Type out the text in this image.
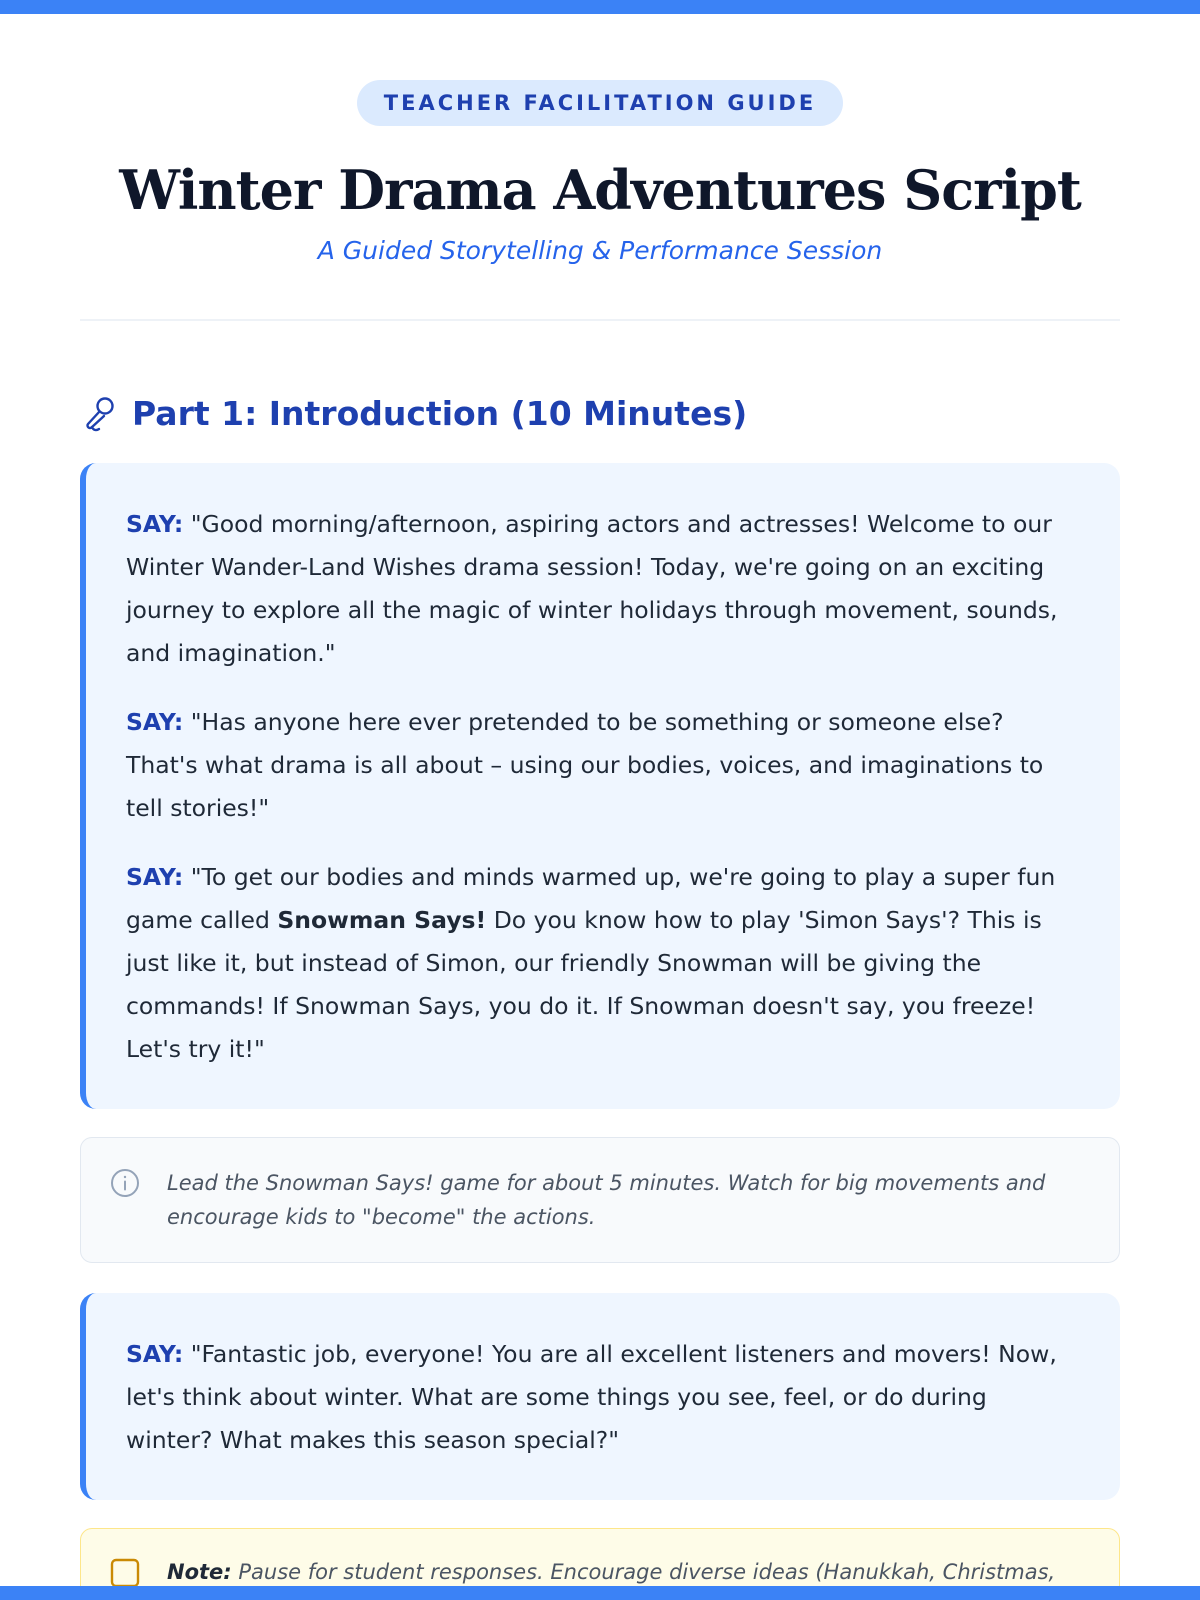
TEACHER FACILITATION GUIDE
Winter Drama Adventures Script
A Guided Storytelling & Performance Session
Part 1: Introduction (10 Minutes)

SAY: "Good morning/afternoon, aspiring actors and actresses! Welcome to our Winter Wander-Land Wishes drama session! Today, we're going on an exciting journey to explore all the magic of winter holidays through movement, sounds, and imagination."

SAY: "Has anyone here ever pretended to be something or someone else? That's what drama is all about – using our bodies, voices, and imaginations to tell stories!"

SAY: "To get our bodies and minds warmed up, we're going to play a super fun game called Snowman Says! Do you know how to play 'Simon Says'? This is just like it, but instead of Simon, our friendly Snowman will be giving the commands! If Snowman Says, you do it. If Snowman doesn't say, you freeze! Let's try it!"

Lead the Snowman Says! game for about 5 minutes. Watch for big movements and encourage kids to "become" the actions.

SAY: "Fantastic job, everyone! You are all excellent listeners and movers! Now, let's think about winter. What are some things you see, feel, or do during winter? What makes this season special?"

Note: Pause for student responses. Encourage diverse ideas (Hanukkah, Christmas,
